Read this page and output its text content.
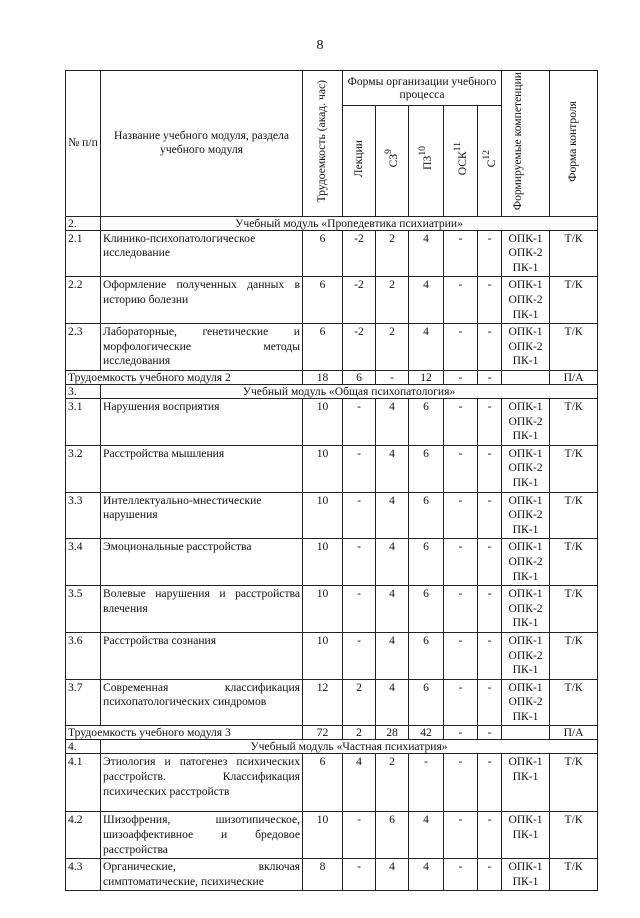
8
№ п/п	Название учебного модуля, раздела учебного модуля	Трудоемкость (акад. час)	Формы организации учебного процесса					Формируемые компетенции	Форма контроля
			Лекции	$СЗ^9$	ПЗ$^{10}$	ОСК$^{11}$	$С^{12}$
2.	Учебный модуль «Пропедевтика психиатрии»								
2.1	Клинико-психопатологическое исследование	6	-2	2	4	-	-	ОПК-1
ОПК-2
ПК-1	Т/К
2.2	Оформление полученных данных в историю болезни	6	-2	2	4	-	-	ОПК-1
ОПК-2
ПК-1	Т/К
2.3	Лабораторные, генетические и морфологические методы исследования	6	-2	2	4	-	-	ОПК-1
ОПК-2
ПК-1	Т/К
Трудоемкость учебного модуля 2		18	6	-	12	-	-		П/А
3.	Учебный модуль «Общая психопатология»								
3.1	Нарушения восприятия	10	-	4	6	-	-	ОПК-1
ОПК-2
ПК-1	Т/К
3.2	Расстройства мышления	10	-	4	6	-	-	ОПК-1
ОПК-2
ПК-1	Т/К
3.3	Интеллектуально-мнестические нарушения	10	-	4	6	-	-	ОПК-1
ОПК-2
ПК-1	Т/К
3.4	Эмоциональные расстройства	10	-	4	6	-	-	ОПК-1
ОПК-2
ПК-1	Т/К
3.5	Волевые нарушения и расстройства влечения	10	-	4	6	-	-	ОПК-1
ОПК-2
ПК-1	Т/К
3.6	Расстройства сознания	10	-	4	6	-	-	ОПК-1
ОПК-2
ПК-1	Т/К
3.7	Современная классификация психопатологических синдромов	12	2	4	6	-	-	ОПК-1
ОПК-2
ПК-1	Т/К
Трудоемкость учебного модуля 3		72	2	28	42	-	-		П/А
4.	Учебный модуль «Частная психиатрия»								
4.1	Этиология и патогенез психических расстройств. Классификация психических расстройств	6	4	2	-	-	-	ОПК-1
ПК-1	Т/К
4.2	Шизофрения, шизотипическое, шизоаффективное и бредовое расстройства	10	-	6	4	-	-	ОПК-1
ПК-1	Т/К
4.3	Органические, включая симптоматические, психические	8	-	4	4	-	-	ОПК-1
ПК-1	Т/К
